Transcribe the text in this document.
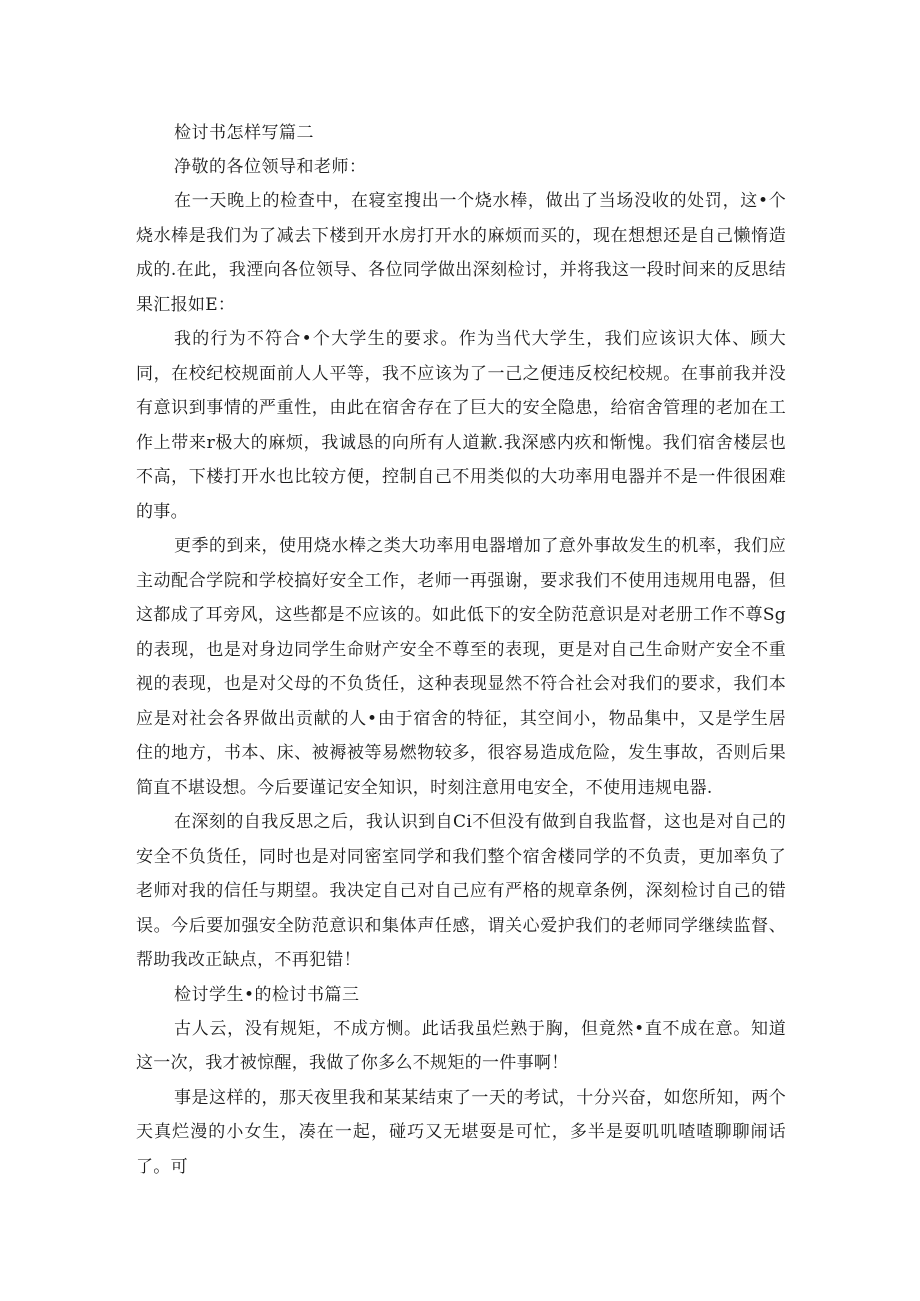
检讨书怎样写篇二

净敬的各位领导和老师：

在一天晚上的检查中，在寝室搜出一个烧水棒，做出了当场没收的处罚，这•个烧水棒是我们为了减去下楼到开水房打开水的麻烦而买的，现在想想还是自己懒惰造成的.在此，我湮向各位领导、各位同学做出深刻检讨，并将我这一段时间来的反思结果汇报如E：

我的行为不符合•个大学生的要求。作为当代大学生，我们应该识大体、顾大同，在校纪校规面前人人平等，我不应该为了一己之便违反校纪校规。在事前我并没有意识到事情的严重性，由此在宿舍存在了巨大的安全隐患，给宿舍管理的老加在工作上带来r极大的麻烦，我诚恳的向所有人道歉.我深感内疚和惭愧。我们宿舍楼层也不高，下楼打开水也比较方便，控制自己不用类似的大功率用电器并不是一件很困难的事。

更季的到来，使用烧水棒之类大功率用电器增加了意外事故发生的机率，我们应主动配合学院和学校搞好安全工作，老师一再强谢，要求我们不使用违规用电器，但这都成了耳旁风，这些都是不应该的。如此低下的安全防范意识是对老册工作不尊Sg的表现，也是对身边同学生命财产安全不尊至的表现，更是对自己生命财产安全不重视的表现，也是对父母的不负货任，这种表现显然不符合社会对我们的要求，我们本应是对社会各界做出贡献的人•由于宿舍的特征，其空间小，物品集中，又是学生居住的地方，书本、床、被褥被等易燃物较多，很容易造成危险，发生事故，否则后果简直不堪设想。今后要谨记安全知识，时刻注意用电安全，不使用违规电器.

在深刻的自我反思之后，我认识到自Ci不但没有做到自我监督，这也是对自己的安全不负货任，同时也是对同密室同学和我们整个宿舍楼同学的不负责，更加率负了老师对我的信任与期望。我决定自己对自己应有严格的规章条例，深刻检讨自己的错误。今后要加强安全防范意识和集体声任感，谓关心爱护我们的老师同学继续监督、帮助我改正缺点，不再犯错！

检讨学生•的检讨书篇三

古人云，没有规矩，不成方恻。此话我虽烂熟于胸，但竟然•直不成在意。知道这一次，我才被惊醒，我做了你多么不规矩的一件事啊！

事是这样的，那天夜里我和某某结束了一天的考试，十分兴奋，如您所知，两个天真烂漫的小女生，凑在一起，碰巧又无堪耍是可忙，多半是耍叽叽喳喳聊聊闹话了。可
